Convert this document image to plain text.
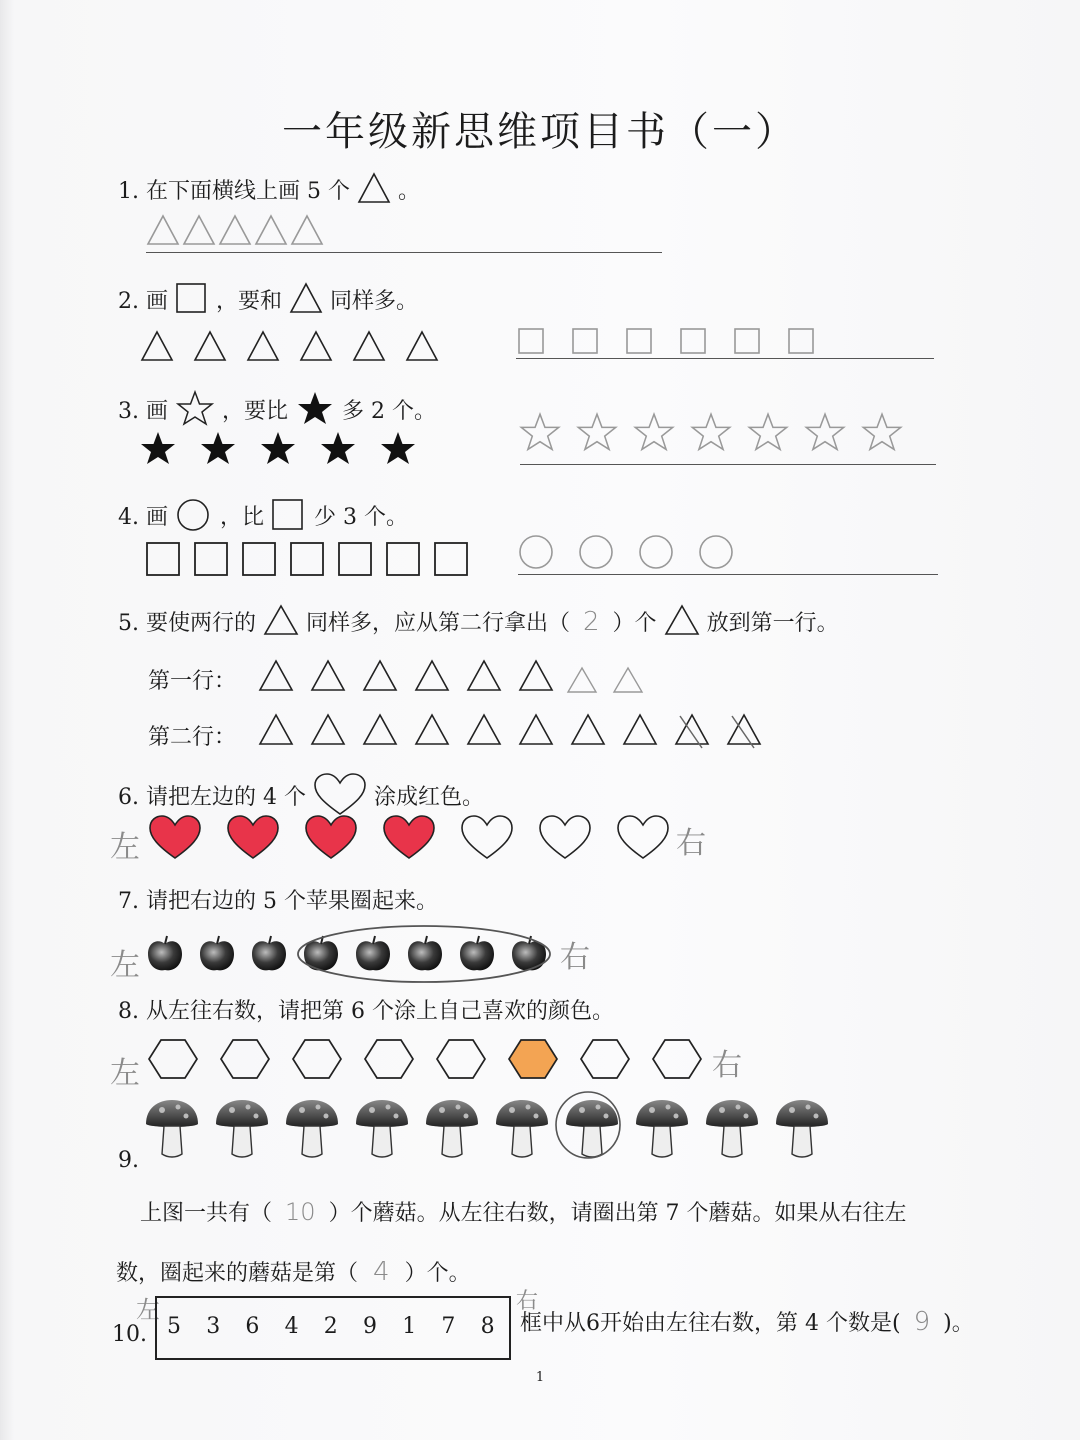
一年级新思维项目书（一）
1. 在下面横线上画 5 个 。
2. 画 ，要和 同样多。
3. 画 ，要比 多 2 个。
4. 画 ，比 少 3 个。
5. 要使两行的 同样多，应从第二行拿出（ 2 ）个 放到第一行。
第一行：
第二行：
6. 请把左边的 4 个	涂成红色。
左	右
7. 请把右边的 5 个苹果圈起来。
左	右
8. 从左往右数，请把第 6 个涂上自己喜欢的颜色。
左	右
9.
上图一共有（ 10 ）个蘑菇。从左往右数，请圈出第 7 个蘑菇。如果从右往左
数，圈起来的蘑菇是第（ 4 ）个。
左
10. 5 3 6 4 2 9 1 7 8
右
框中从6开始由左往右数，第 4 个数是( 9 )。
1
